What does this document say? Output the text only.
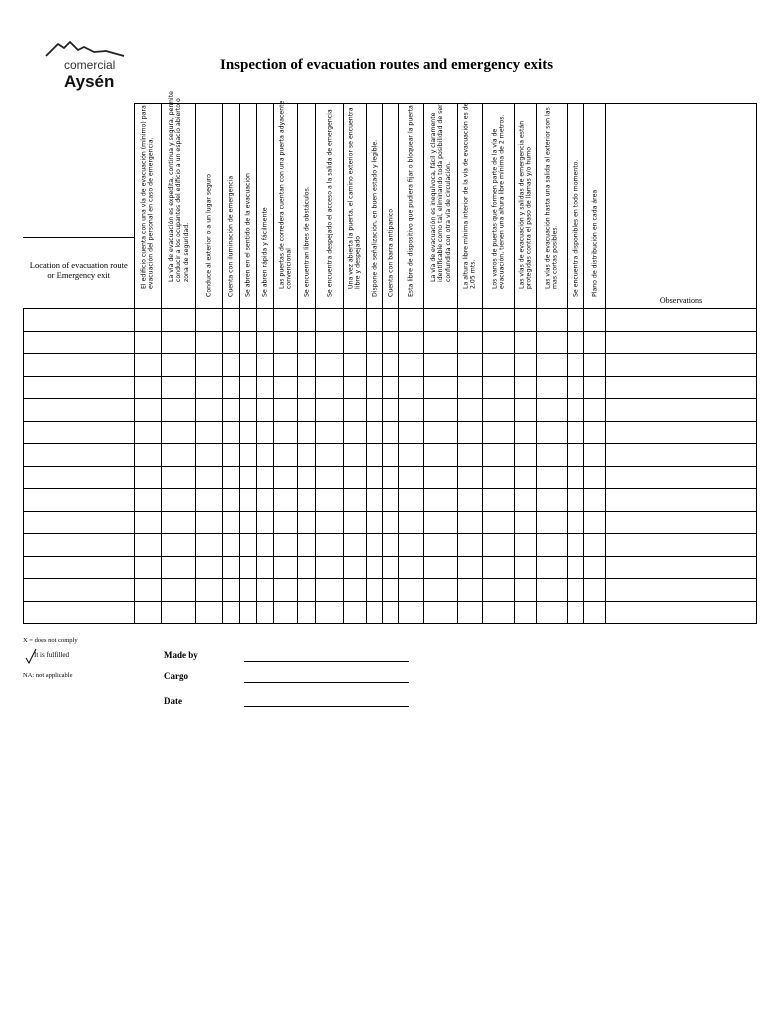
comercial
Aysén
Inspection of evacuation routes and emergency exits
Location of evacuation route or Emergency exit	El edificio cuenta con una vía de evacuación (mínimo) para evacuación del personal en caso de emergencia.	La vía de evacuación es expedita, continua y segura, permite conducir a los ocupantes del edificio a un espacio abierto o zona de seguridad.	Conduce al exterior o a un lugar seguro	Cuenta con iluminación de emergencia	Se abren en el sentido de la evacuación	Se abren rápida y fácilmente	Las puertas de corredera cuentan con una puerta adyacente convencional	Se encuentran libres de obstáculos.	Se encuentra despejado el acceso a la salida de emergencia	Una vez abierta la puerta, el camino exterior se encuentra libre y despejado	Dispone de señalización, en buen estado y legible.	Cuenta con barra antipanico	Esta libre de dispositivo que pudiera fijar o bloquear la puerta	La vía de evacuación es inequívoca, fácil y claramente identificable como tal, eliminando toda posibilidad de ser confundida con otra vía de circulación.	La altura libre mínima interior de la vía de evacuación es de 2,05 mts.	Los vanos de puertas que formen parte de la vía de evacuación, tienen una altura libre mínima de 2 metros.	Las vías de evacuación y salidas de emergencia están protegidas contra el paso de llamas y/o humo	Las vías de evacuación hasta una salida al exterior son las mas cortas posibles.	Se encuentra disponibles en todo momento.	Plano de distribución en cada área	Observations

X = does not comply
It is fulfilled
NA: not applicable
Made by
Cargo
Date
